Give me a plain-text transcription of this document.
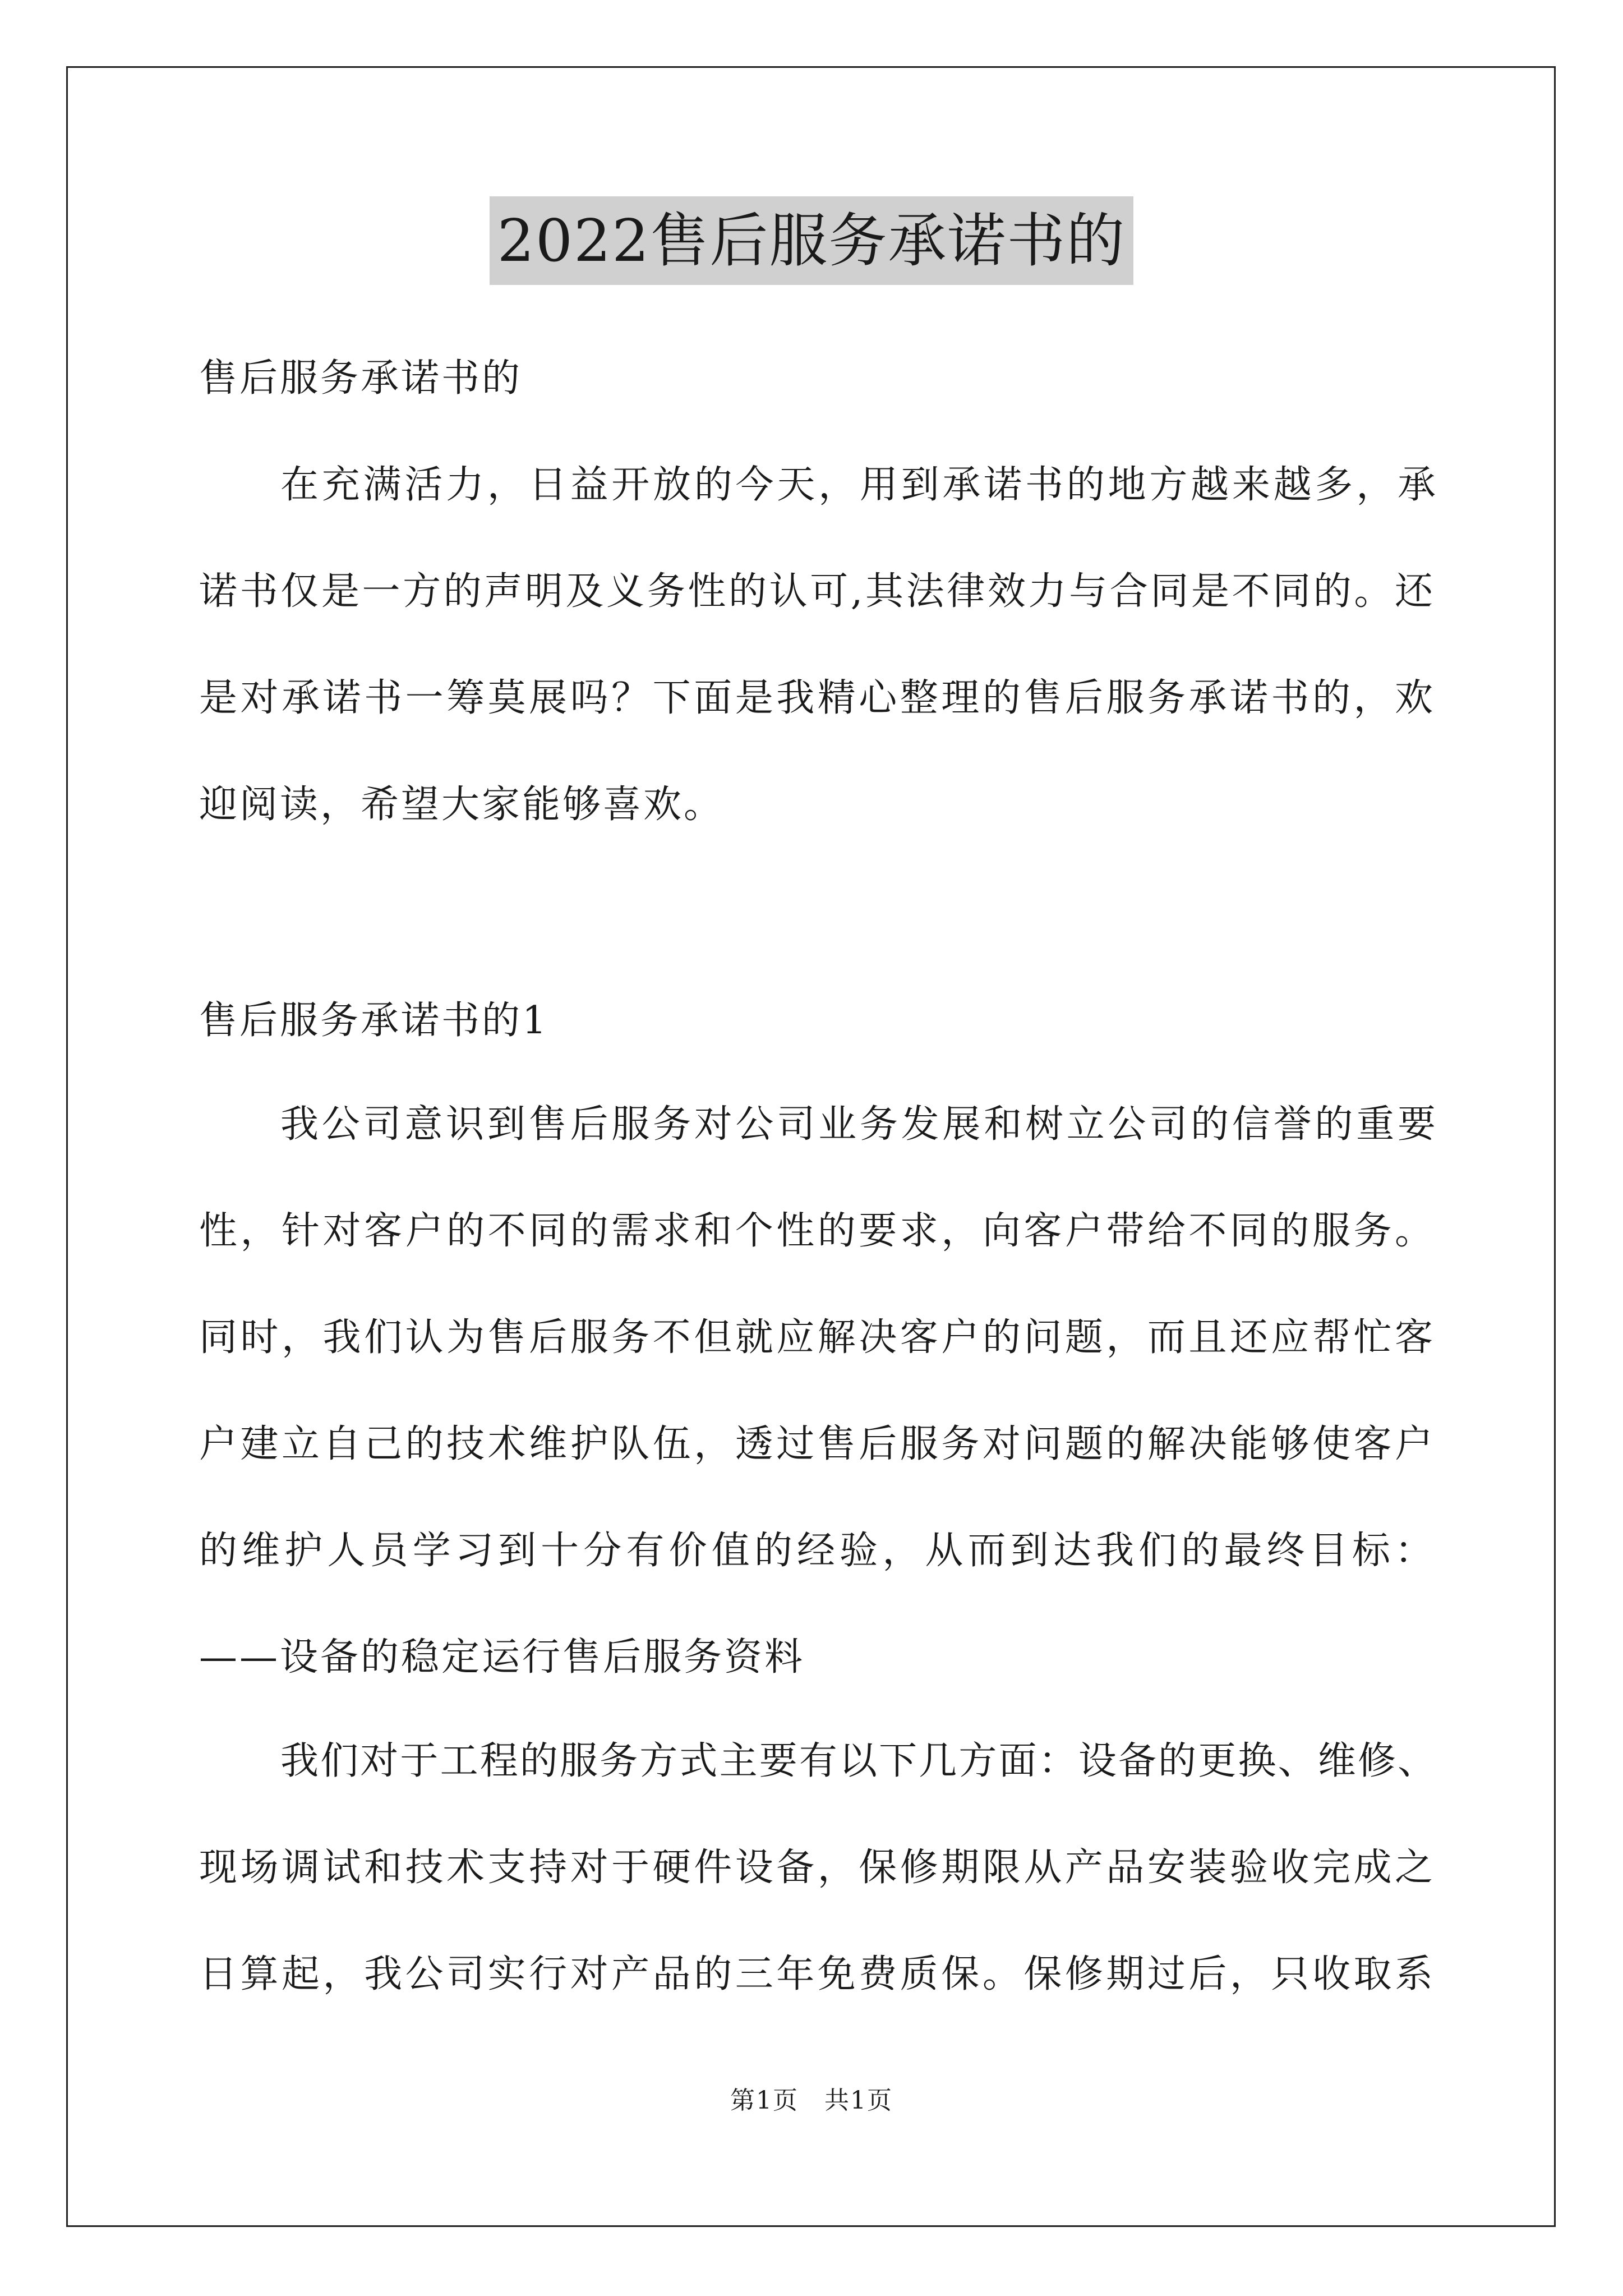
2022售后服务承诺书的
售后服务承诺书的
在充满活力，日益开放的今天，用到承诺书的地方越来越多，承
诺书仅是一方的声明及义务性的认可,其法律效力与合同是不同的。还
是对承诺书一筹莫展吗？下面是我精心整理的售后服务承诺书的，欢
迎阅读，希望大家能够喜欢。
售后服务承诺书的1
我公司意识到售后服务对公司业务发展和树立公司的信誉的重要
性，针对客户的不同的需求和个性的要求，向客户带给不同的服务。
同时，我们认为售后服务不但就应解决客户的问题，而且还应帮忙客
户建立自己的技术维护队伍，透过售后服务对问题的解决能够使客户
的维护人员学习到十分有价值的经验，从而到达我们的最终目标：
——设备的稳定运行售后服务资料
我们对于工程的服务方式主要有以下几方面：设备的更换、维修、
现场调试和技术支持对于硬件设备，保修期限从产品安装验收完成之
日算起，我公司实行对产品的三年免费质保。保修期过后，只收取系
第1页　共1页
